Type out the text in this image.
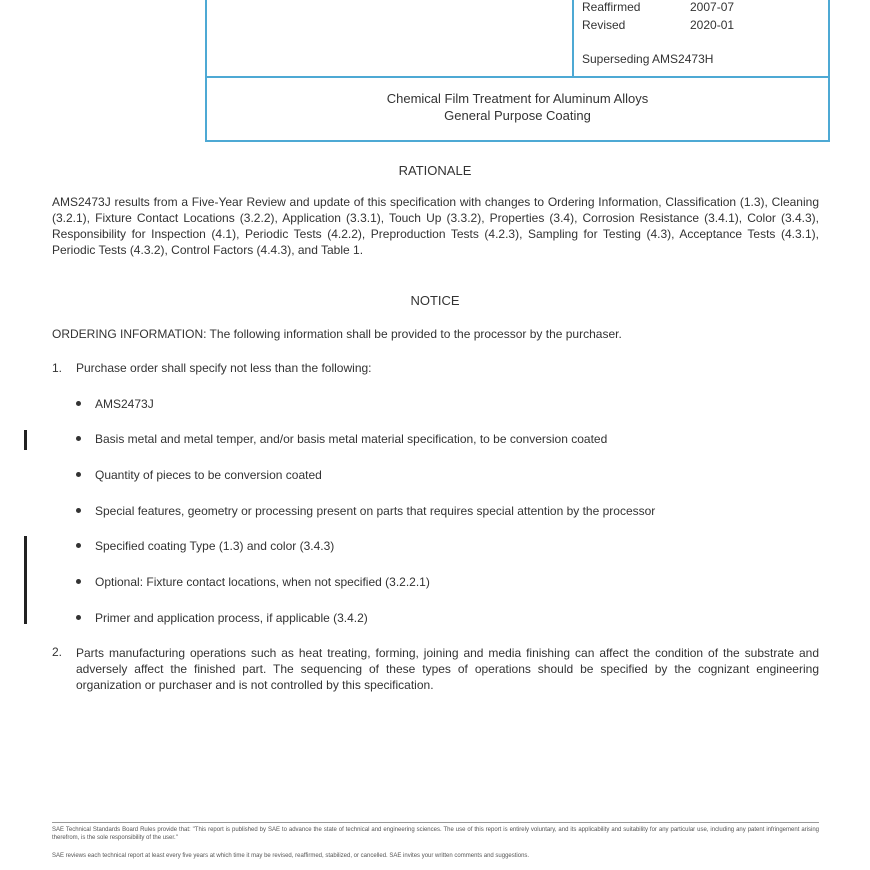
Reaffirmed	2007-07
Revised	2020-01
Superseding AMS2473H
Chemical Film Treatment for Aluminum Alloys
General Purpose Coating
RATIONALE
AMS2473J results from a Five-Year Review and update of this specification with changes to Ordering Information, Classification (1.3), Cleaning (3.2.1), Fixture Contact Locations (3.2.2), Application (3.3.1), Touch Up (3.3.2), Properties (3.4), Corrosion Resistance (3.4.1), Color (3.4.3), Responsibility for Inspection (4.1), Periodic Tests (4.2.2), Preproduction Tests (4.2.3), Sampling for Testing (4.3), Acceptance Tests (4.3.1), Periodic Tests (4.3.2), Control Factors (4.4.3), and Table 1.
NOTICE
ORDERING INFORMATION: The following information shall be provided to the processor by the purchaser.
1. Purchase order shall specify not less than the following:
AMS2473J
Basis metal and metal temper, and/or basis metal material specification, to be conversion coated
Quantity of pieces to be conversion coated
Special features, geometry or processing present on parts that requires special attention by the processor
Specified coating Type (1.3) and color (3.4.3)
Optional: Fixture contact locations, when not specified (3.2.2.1)
Primer and application process, if applicable (3.4.2)
2. Parts manufacturing operations such as heat treating, forming, joining and media finishing can affect the condition of the substrate and adversely affect the finished part. The sequencing of these types of operations should be specified by the cognizant engineering organization or purchaser and is not controlled by this specification.
SAE Technical Standards Board Rules provide that: "This report is published by SAE to advance the state of technical and engineering sciences. The use of this report is entirely voluntary, and its applicability and suitability for any particular use, including any patent infringement arising therefrom, is the sole responsibility of the user."
SAE reviews each technical report at least every five years at which time it may be revised, reaffirmed, stabilized, or cancelled. SAE invites your written comments and suggestions.
